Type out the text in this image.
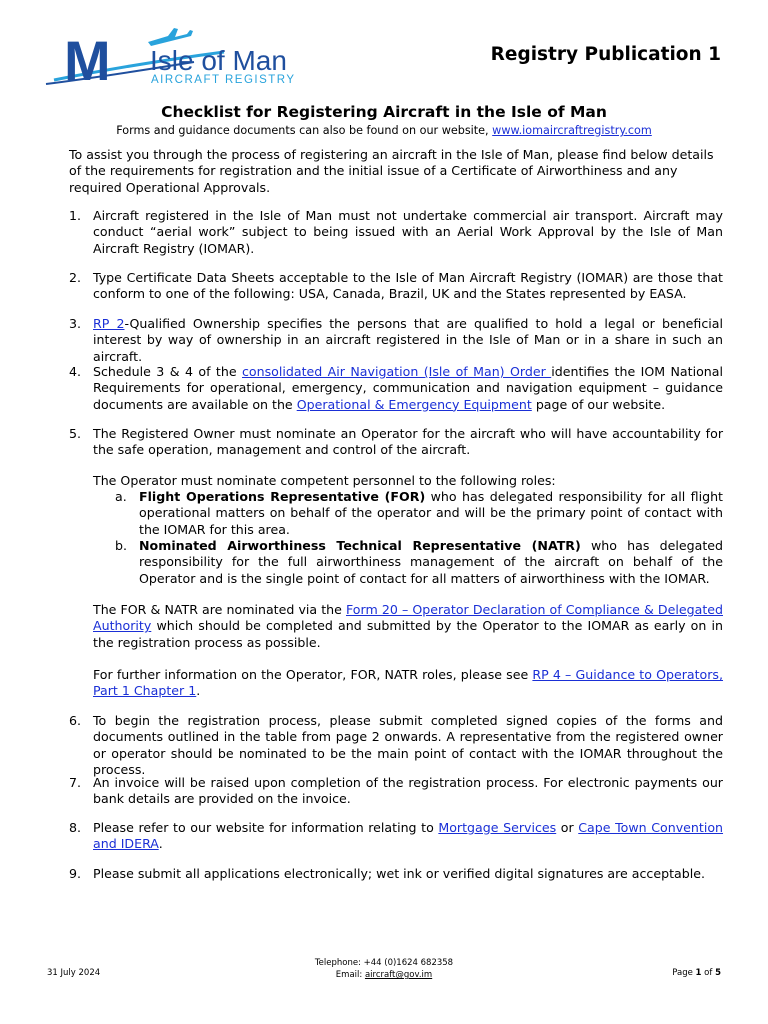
M Isle of Man
AIRCRAFT REGISTRY
Registry Publication 1
Checklist for Registering Aircraft in the Isle of Man
Forms and guidance documents can also be found on our website, www.iomaircraftregistry.com
To assist you through the process of registering an aircraft in the Isle of Man, please find below details of the requirements for registration and the initial issue of a Certificate of Airworthiness and any required Operational Approvals.
1. Aircraft registered in the Isle of Man must not undertake commercial air transport. Aircraft may conduct “aerial work” subject to being issued with an Aerial Work Approval by the Isle of Man Aircraft Registry (IOMAR).
2. Type Certificate Data Sheets acceptable to the Isle of Man Aircraft Registry (IOMAR) are those that conform to one of the following: USA, Canada, Brazil, UK and the States represented by EASA.
3. RP 2-Qualified Ownership specifies the persons that are qualified to hold a legal or beneficial interest by way of ownership in an aircraft registered in the Isle of Man or in a share in such an aircraft.
4. Schedule 3 & 4 of the consolidated Air Navigation (Isle of Man) Order identifies the IOM National Requirements for operational, emergency, communication and navigation equipment – guidance documents are available on the Operational & Emergency Equipment page of our website.
5. The Registered Owner must nominate an Operator for the aircraft who will have accountability for the safe operation, management and control of the aircraft.
The Operator must nominate competent personnel to the following roles:
a. Flight Operations Representative (FOR) who has delegated responsibility for all flight operational matters on behalf of the operator and will be the primary point of contact with the IOMAR for this area.
b. Nominated Airworthiness Technical Representative (NATR) who has delegated responsibility for the full airworthiness management of the aircraft on behalf of the Operator and is the single point of contact for all matters of airworthiness with the IOMAR.
The FOR & NATR are nominated via the Form 20 – Operator Declaration of Compliance & Delegated Authority which should be completed and submitted by the Operator to the IOMAR as early on in the registration process as possible.
For further information on the Operator, FOR, NATR roles, please see RP 4 – Guidance to Operators, Part 1 Chapter 1.
6. To begin the registration process, please submit completed signed copies of the forms and documents outlined in the table from page 2 onwards. A representative from the registered owner or operator should be nominated to be the main point of contact with the IOMAR throughout the process.
7. An invoice will be raised upon completion of the registration process. For electronic payments our bank details are provided on the invoice.
8. Please refer to our website for information relating to Mortgage Services or Cape Town Convention and IDERA.
9. Please submit all applications electronically; wet ink or verified digital signatures are acceptable.
31 July 2024
Telephone: +44 (0)1624 682358
Email: aircraft@gov.im	Page 1 of 5
